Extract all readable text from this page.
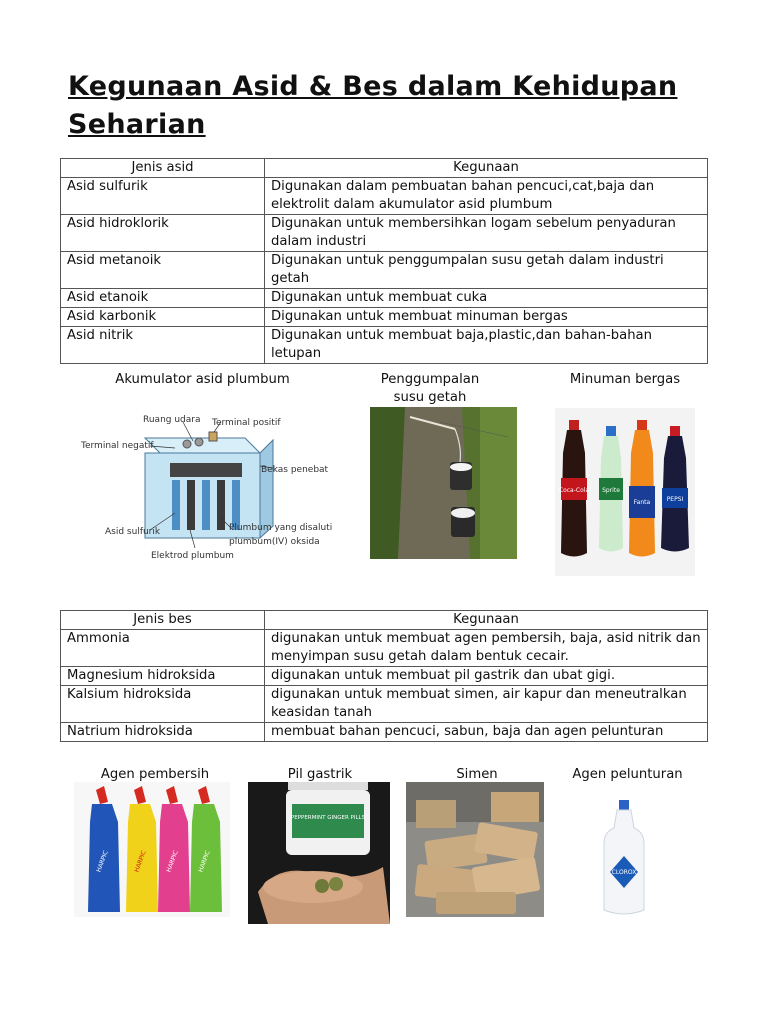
Kegunaan Asid & Bes dalam Kehidupan Seharian
Jenis asid	Kegunaan
Asid sulfurik	Digunakan dalam pembuatan bahan pencuci,cat,baja dan elektrolit dalam akumulator asid plumbum
Asid hidroklorik	Digunakan untuk membersihkan logam sebelum penyaduran dalam industri
Asid metanoik	Digunakan untuk penggumpalan susu getah dalam industri getah
Asid etanoik	Digunakan untuk membuat cuka
Asid karbonik	Digunakan untuk membuat minuman bergas
Asid nitrik	Digunakan untuk membuat baja,plastic,dan bahan-bahan letupan
Akumulator asid plumbum	Penggumpalan susu getah
Minuman bergas
Ruang udara Terminal positif
Terminal negatif
Bekas penebat
Asid sulfurik	Plumbum yang disaluti
plumbum(IV) oksida
Elektrod plumbum
Coca-Cola Sprite
Fanta	PEPSI
Jenis bes	Kegunaan
Ammonia	digunakan untuk membuat agen pembersih, baja, asid nitrik dan menyimpan susu getah dalam bentuk cecair.
Magnesium hidroksida	digunakan untuk membuat pil gastrik dan ubat gigi.
Kalsium hidroksida	digunakan untuk membuat simen, air kapur dan meneutralkan keasidan tanah
Natrium hidroksida	membuat bahan pencuci, sabun, baja dan agen pelunturan
Agen pembersih	Pil gastrik	Simen	Agen pelunturan
HARPIC	HARPIC	HARPIC	HARPIC
PEPPERMINT GINGER PILLS
CLOROX
